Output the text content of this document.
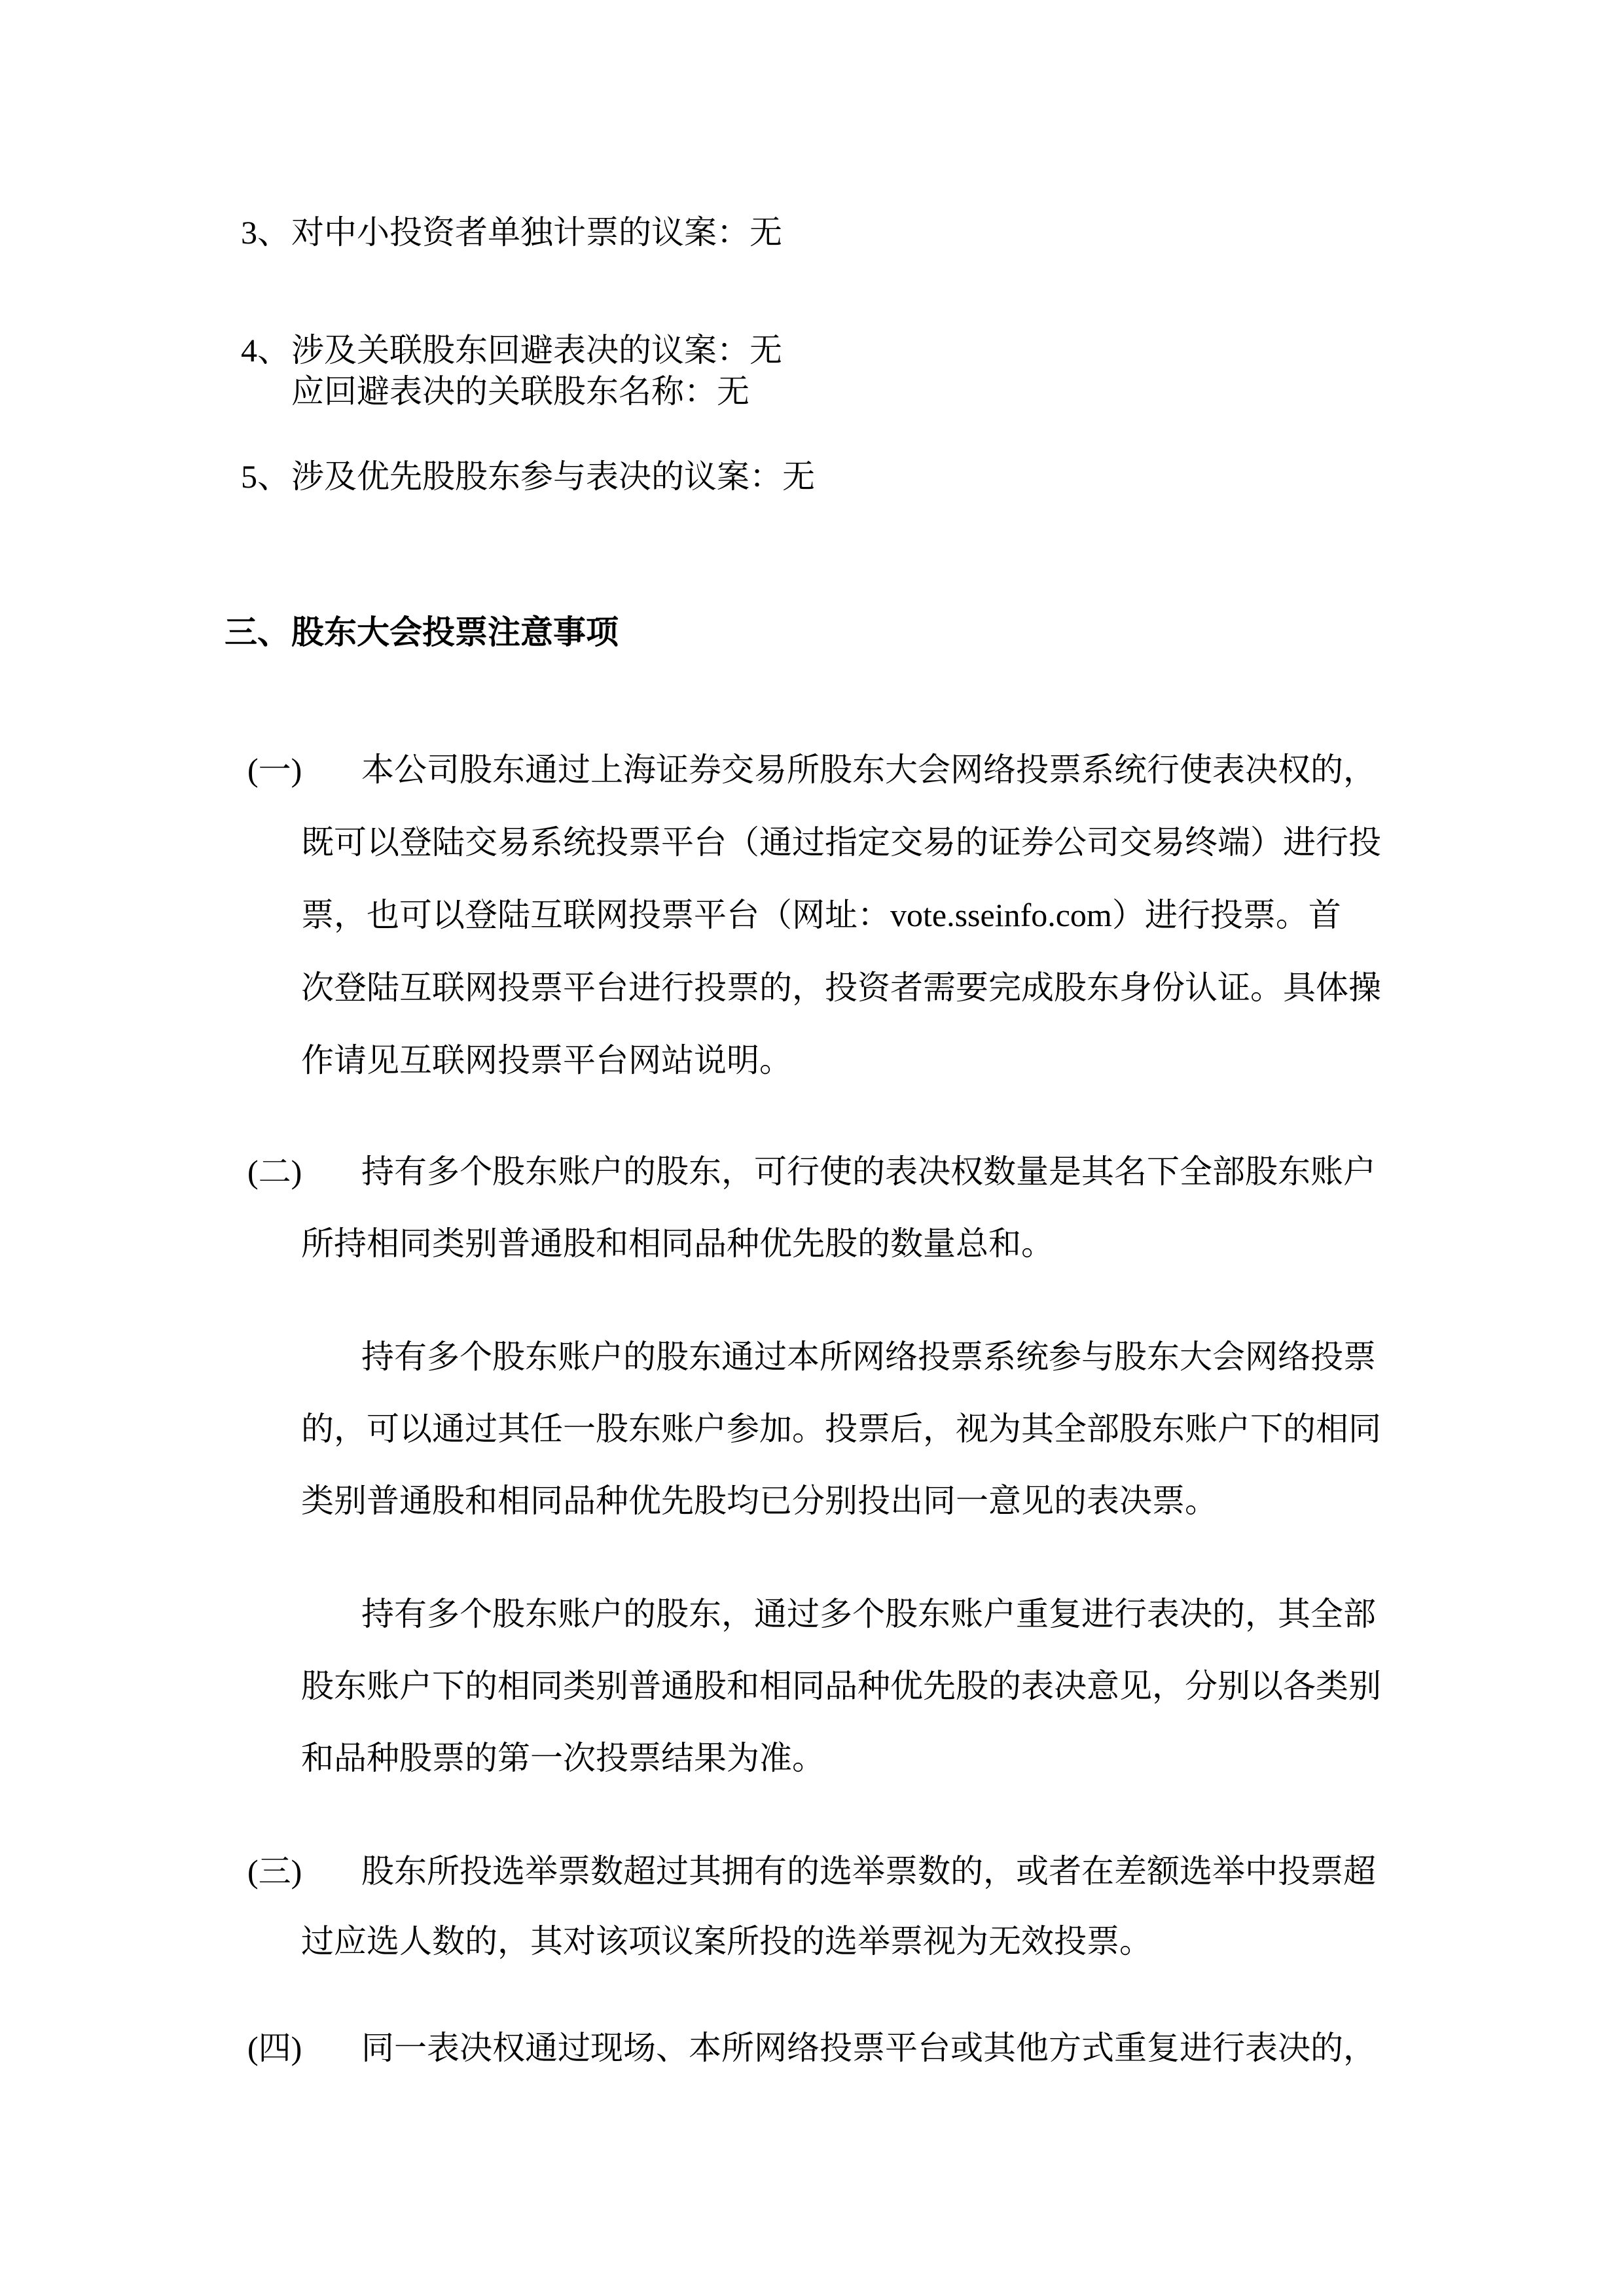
3、 对中小投资者单独计票的议案：无
4、 涉及关联股东回避表决的议案：无
应回避表决的关联股东名称：无
5、 涉及优先股股东参与表决的议案：无
三、 股东大会投票注意事项
(一) 本公司股东通过上海证券交易所股东大会网络投票系统行使表决权的，
既可以登陆交易系统投票平台（通过指定交易的证券公司交易终端）进行投
票，也可以登陆互联网投票平台（网址：vote.sseinfo.com）进行投票。首
次登陆互联网投票平台进行投票的，投资者需要完成股东身份认证。具体操
作请见互联网投票平台网站说明。
(二) 持有多个股东账户的股东，可行使的表决权数量是其名下全部股东账户
所持相同类别普通股和相同品种优先股的数量总和。
持有多个股东账户的股东通过本所网络投票系统参与股东大会网络投票
的，可以通过其任一股东账户参加。投票后，视为其全部股东账户下的相同
类别普通股和相同品种优先股均已分别投出同一意见的表决票。
持有多个股东账户的股东，通过多个股东账户重复进行表决的，其全部
股东账户下的相同类别普通股和相同品种优先股的表决意见，分别以各类别
和品种股票的第一次投票结果为准。
(三) 股东所投选举票数超过其拥有的选举票数的，或者在差额选举中投票超
过应选人数的，其对该项议案所投的选举票视为无效投票。
(四) 同一表决权通过现场、本所网络投票平台或其他方式重复进行表决的，
